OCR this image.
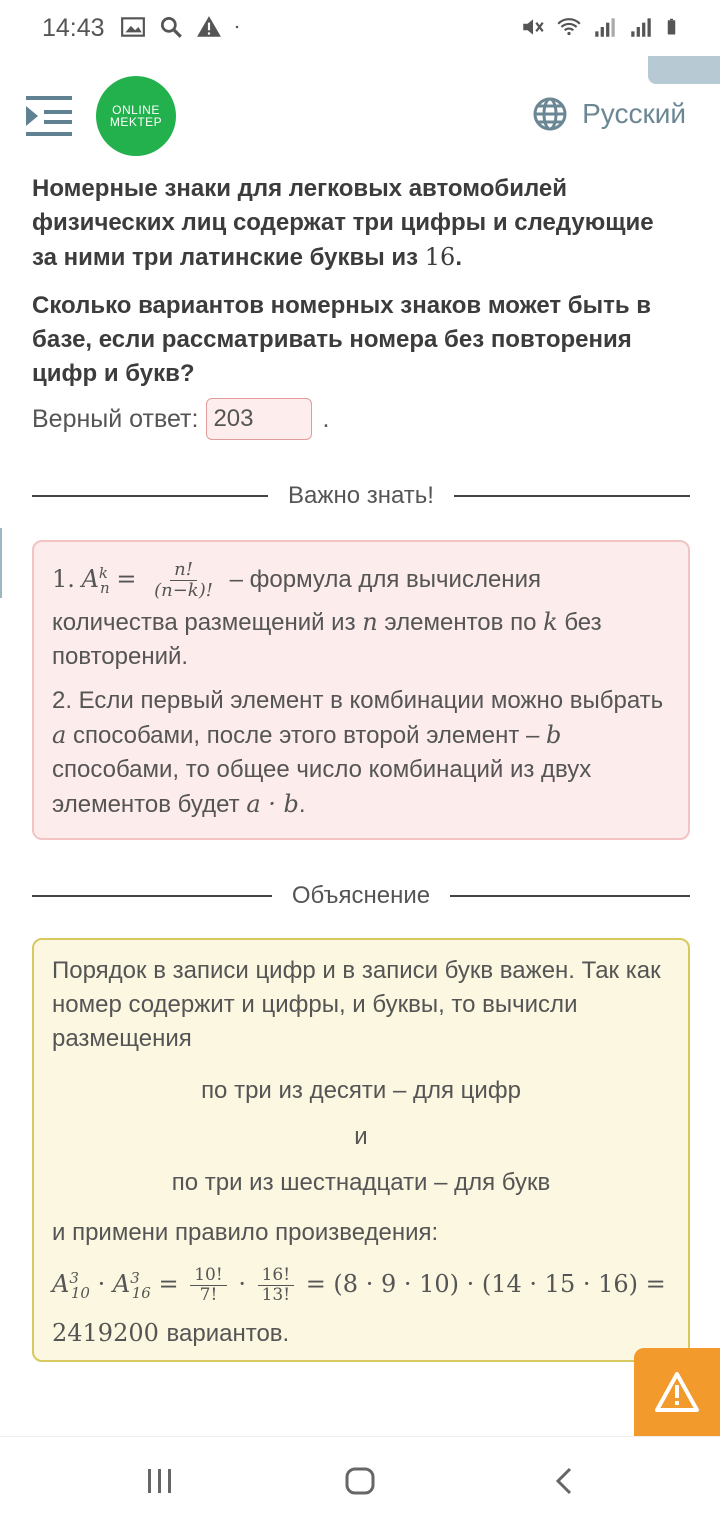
14:43
ONLINE
MEKTEP	Русский

Номерные знаки для легковых автомобилей физических лиц содержат три цифры и следующие за ними три латинские буквы из 16.

Сколько вариантов номерных знаков может быть в базе, если рассматривать номера без повторения цифр и букв?

Верный ответ: 203	.
Важно знать!

1. $A^k_n = \frac{n!}{(n-k)!}$ – формула для вычисления количества размещений из n элементов по k без повторений.

2. Если первый элемент в комбинации можно выбрать a способами, после этого второй элемент – b способами, то общее число комбинаций из двух элементов будет a · b.

Объяснение

Порядок в записи цифр и в записи букв важен. Так как номер содержит и цифры, и буквы, то вычисли размещения

по три из десяти – для цифр

и

по три из шестнадцати – для букв

и примени правило произведения:

$A^3_{10} \cdot A^3_{16} = \frac{10!}{7!} \cdot \frac{16!}{13!} = (8 \cdot 9 \cdot 10) \cdot (14 \cdot 15 \cdot 16)$ =
2419200 вариантов.
